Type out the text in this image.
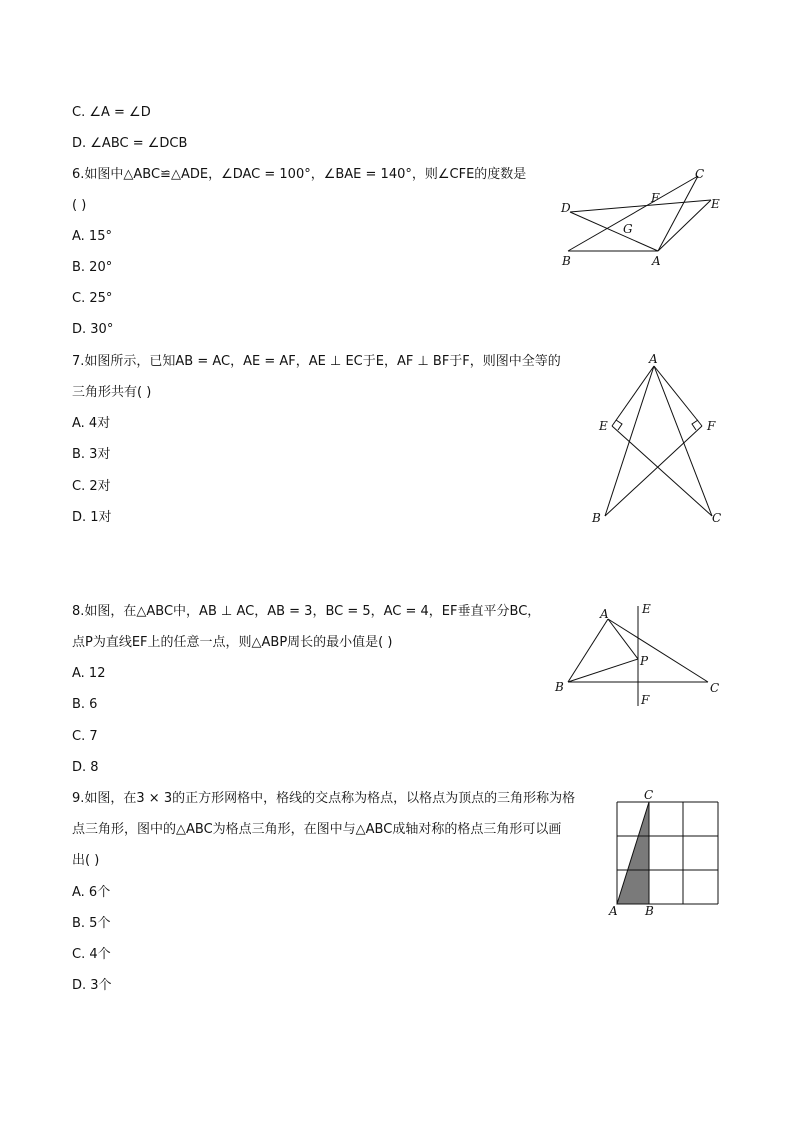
C. ∠A = ∠D
D. ∠ABC = ∠DCB
6.如图中△ABC≌△ADE，∠DAC = 100°，∠BAE = 140°，则∠CFE的度数是
( )
A. 15°
B. 20°
C. 25°
D. 30°
C
F	E
D
G
B	A
7.如图所示，已知AB = AC，AE = AF，AE ⊥ EC于E，AF ⊥ BF于F，则图中全等的
三角形共有( )
A. 4对
B. 3对
C. 2对
D. 1对
A
E	F
B	C
8.如图，在△ABC中，AB ⊥ AC，AB = 3，BC = 5，AC = 4，EF垂直平分BC，
点P为直线EF上的任意一点，则△ABP周长的最小值是( )
A. 12
B. 6
C. 7
D. 8
A	E
P
B	C
F
9.如图，在3 × 3的正方形网格中，格线的交点称为格点，以格点为顶点的三角形称为格
点三角形，图中的△ABC为格点三角形，在图中与△ABC成轴对称的格点三角形可以画
出( )
A. 6个
B. 5个
C. 4个
D. 3个
C
A B
